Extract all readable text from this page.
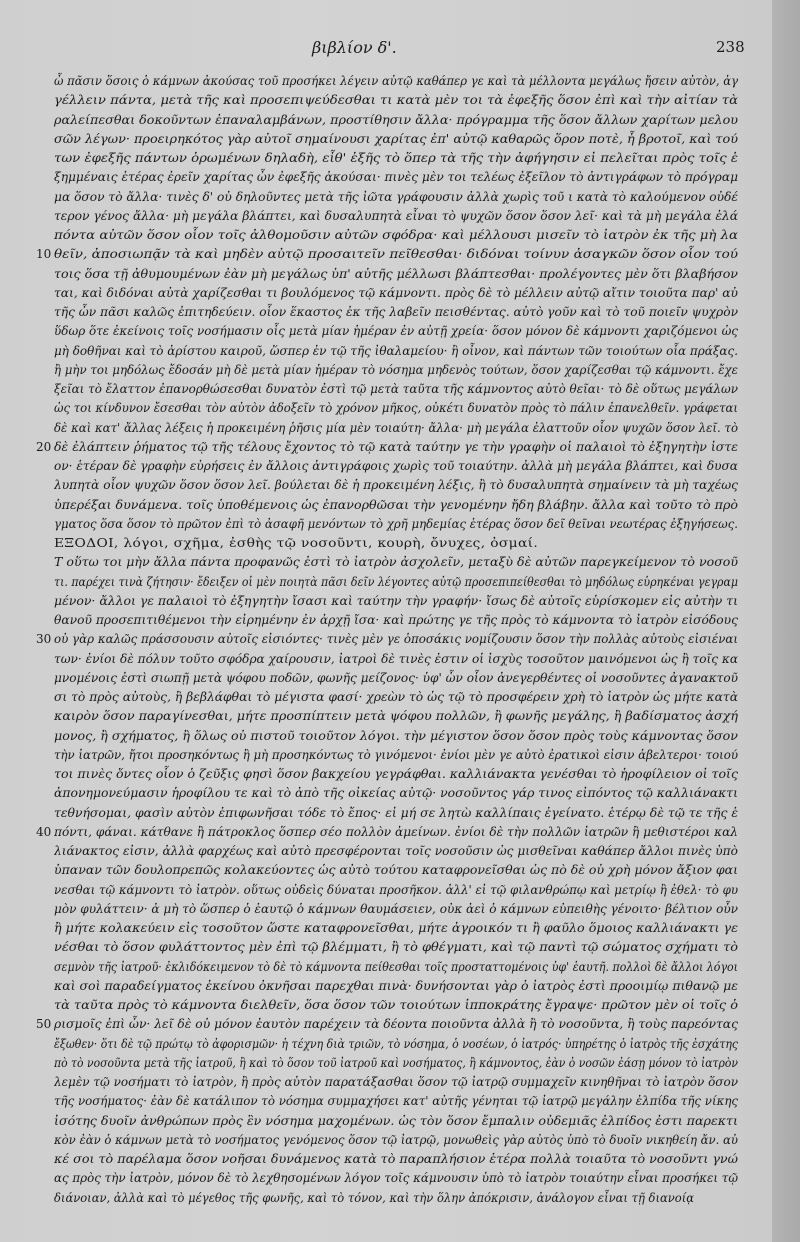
βιβλίον δ'.	238
ὦ πᾶσιν ὅσοις ὁ κάμνων ἀκούσας τοῦ προσήκει λέγειν αὐτῷ καθάπερ γε καὶ τὰ μέλλοντα μεγάλως ἤσειν αὐτὸν, ἀγ
γέλλειν πάντα, μετὰ τῆς καὶ προσεπιψεύδεσθαι τι κατὰ μὲν τοι τὰ ἐφεξῆς ὅσον ἐπὶ καὶ τὴν αἰτίαν τὰ
ραλείπεσθαι δοκοῦντων ἐπαναλαμβάνων, προστίθησιν ἄλλα· πρόγραμμα τῆς ὅσον ἄλλων χαρίτων μελου
σῶν λέγων· προειρηκότος γὰρ αὐτοῖ σημαίνουσι χαρίτας ἐπ' αὐτῷ καθαρῶς ὅρον ποτὲ, ἦ βροτοῖ, καὶ τού
των ἐφεξῆς πάντων ὁρωμένων δηλαδὴ, εἶθ' ἑξῆς τὸ ὅπερ τὰ τῆς τὴν ἀφήγησιν εἰ πελεῖται πρὸς τοῖς ἑ
ξημμέναις ἑτέρας ἐρεῖν χαρίτας ὦν ἐφεξῆς ἀκούσαι· πινὲς μὲν τοι τελέως ἐξεῖλον τὸ ἀντιγράφων τὸ πρόγραμ
μα ὅσον τὸ ἄλλα· τινὲς δ' οὐ δηλοῦντες μετὰ τῆς ἰῶτα γράφουσιν ἀλλὰ χωρὶς τοῦ ι κατὰ τὸ καλούμενον οὐδέ
τερον γένος ἄλλα· μὴ μεγάλα βλάπτει, καὶ δυσαλυπητὰ εἶναι τὸ ψυχῶν ὅσον ὅσον λεῖ· καὶ τὰ μὴ μεγάλα ἐλά
πόντα αὐτῶν ὅσον οἷον τοῖς ἀλθομοῦσιν αὐτῶν σφόδρα· καὶ μέλλουσι μισεῖν τὸ ἰατρὸν ἐκ τῆς μὴ λα
θεῖν, ἀποσιωπᾷν τὰ καὶ μηδὲν αὐτῷ προσαιτεῖν πεῖθεσθαι· διδόναι τοίνυν ἀσαγκῶν ὅσον οἷον τού
τοις ὅσα τῇ ἀθυμουμένων ἐὰν μὴ μεγάλως ὑπ' αὐτῆς μέλλωσι βλάπτεσθαι· προλέγοντες μὲν ὅτι βλαβήσον
ται, καὶ διδόναι αὐτὰ χαρίζεσθαι τι βουλόμενος τῷ κάμνοντι. πρὸς δὲ τὸ μέλλειν αὐτῷ αἴτιν τοιοῦτα παρ' αὐ
τῆς ὦν πᾶσι καλῶς ἐπιτηδεύειν. οἷον ἕκαστος ἐκ τῆς λαβεῖν πεισθέντας. αὐτὸ γοῦν καὶ τὸ τοῦ ποιεῖν ψυχρὸν
ὕδωρ ὅτε ἐκείνοις τοῖς νοσήμασιν οἷς μετὰ μίαν ἡμέραν ἐν αὐτῇ χρεία· ὅσον μόνον δὲ κάμνοντι χαριζόμενοι ὡς
μὴ δοθῆναι καὶ τὸ ἀρίστου καιροῦ, ὥσπερ ἐν τῷ τῆς ἰθαλαμείου· ἢ οἶνον, καὶ πάντων τῶν τοιούτων οἷα πράξας.
ἢ μὴν τοι μηδόλως ἔδοσάν μὴ δὲ μετὰ μίαν ἡμέραν τὸ νόσημα μηδενὸς τούτων, ὅσον χαρίζεσθαι τῷ κάμνοντι. ἔχε
ξεῖαι τὸ ἔλαττον ἐπανορθώσεσθαι δυνατὸν ἐστὶ τῷ μετὰ ταῦτα τῆς κάμνοντος αὐτὸ θεῖαι· τὸ δὲ οὕτως μεγάλων
ὡς τοι κίνδυνον ἔσεσθαι τὸν αὐτὸν ἀδοξεῖν τὸ χρόνον μῆκος, οὐκέτι δυνατὸν πρὸς τὸ πάλιν ἐπανελθεῖν. γράφεται
δὲ καὶ κατ' ἄλλας λέξεις ἡ προκειμένη ῥῆσις μία μὲν τοιαύτη· ἄλλα· μὴ μεγάλα ἐλαττοῦν οἷον ψυχῶν ὅσον λεῖ. τὸ
δὲ ἐλάπτειν ῥήματος τῷ τῆς τέλους ἔχοντος τὸ τῷ κατὰ ταύτην γε τὴν γραφὴν οἱ παλαιοὶ τὸ ἐξηγητὴν ἰστε
ον· ἑτέραν δὲ γραφὴν εὑρήσεις ἐν ἄλλοις ἀντιγράφοις χωρὶς τοῦ τοιαύτην. ἀλλὰ μὴ μεγάλα βλάπτει, καὶ δυσα
λυπητὰ οἷον ψυχῶν ὅσον ὅσον λεῖ. βούλεται δὲ ἡ προκειμένη λέξις, ἢ τὸ δυσαλυπητὰ σημαίνειν τὰ μὴ ταχέως
ὑπερέξαι δυνάμενα. τοῖς ὑποθέμενοις ὡς ἐπανορθῶσαι τὴν γενομένην ἤδη βλάβην. ἄλλα καὶ τοῦτο τὸ πρὸ
γματος ὅσα ὅσον τὸ πρῶτον ἐπὶ τὸ ἀσαφῆ μενόντων τὸ χρῆ μηδεμίας ἑτέρας ὅσον δεῖ θεῖναι νεωτέρας ἐξηγήσεως.
ΕΞΟΔΟΙ, λόγοι, σχῆμα, ἐσθὴς τῷ νοσοῦντι, κουρὴ, ὄνυχες, ὀσμαί.
Τ οὕτω τοι μὴν ἄλλα πάντα προφανῶς ἐστὶ τὸ ἰατρὸν ἀσχολεῖν, μεταξὺ δὲ αὐτῶν παρεγκείμενον τὸ νοσοῦ
τι. παρέχει τινὰ ζήτησιν· ἔδειξεν οἱ μὲν ποιητὰ πᾶσι δεῖν λέγοντες αὐτῷ προσεπιπείθεσθαι τὸ μηδόλως εὑρηκέναι γεγραμ
μένον· ἄλλοι γε παλαιοὶ τὸ ἐξηγητὴν ἴσασι καὶ ταύτην τὴν γραφήν· ἴσως δὲ αὐτοῖς εὑρίσκομεν εἰς αὐτὴν τι
θανοῦ προσεπιτιθέμενοι τὴν εἰρημένην ἐν ἀρχῇ ἴσα· καὶ πρώτης γε τῆς πρὸς τὸ κάμνοντα τὸ ἰατρὸν εἰσόδους
οὐ γὰρ καλῶς πράσσουσιν αὐτοῖς εἰσιόντες· τινὲς μὲν γε ὁποσάκις νομίζουσιν ὅσον τὴν πολλὰς αὐτοὺς εἰσιέναι
των· ἐνίοι δὲ πόλυν τοῦτο σφόδρα χαίρουσιν, ἰατροὶ δὲ τινὲς ἐστιν οἱ ἰσχὺς τοσοῦτον μαινόμενοι ὡς ἢ τοῖς κα
μνομένοις ἐστὶ σιωπῇ μετὰ ψόφου ποδῶν, φωνῆς μείζονος· ὑφ' ὧν οἷον ἀνεγερθέντες οἱ νοσοῦντες ἀγανακτοῦ
σι τὸ πρὸς αὐτοὺς, ἢ βεβλάφθαι τὸ μέγιστα φασί· χρεὼν τὸ ὡς τῷ τὸ προσφέρειν χρὴ τὸ ἰατρὸν ὡς μήτε κατὰ
καιρὸν ὅσον παραγίνεσθαι, μήτε προσπίπτειν μετὰ ψόφου πολλῶν, ἢ φωνῆς μεγάλης, ἢ βαδίσματος ἀσχή
μονος, ἢ σχήματος, ἢ ὅλως οὐ πιστοῦ τοιοῦτον λόγοι. τὴν μέγιστον ὅσον ὅσον πρὸς τοὺς κάμνοντας ὅσον
τὴν ἰατρῶν, ἤτοι προσηκόντως ἢ μὴ προσηκόντως τὸ γινόμενοι· ἐνίοι μὲν γε αὐτὸ ἐρατικοὶ εἰσιν ἀβελτεροι· τοιού
τοι πινὲς ὄντες οἷον ὁ ζεῦξις φησὶ ὅσον βακχείου γεγράφθαι. καλλιάνακτα γενέσθαι τὸ ἡροφίλειον οἱ τοῖς
ἀπονημονεύμασιν ἡροφίλου τε καὶ τὸ ἀπὸ τῆς οἰκείας αὐτῷ· νοσοῦντος γάρ τινος εἰπόντος τῷ καλλιάνακτι
τεθνήσομαι, φασὶν αὐτὸν ἐπιφωνῆσαι τόδε τὸ ἔπος· εἰ μή σε λητὼ καλλίπαις ἐγείνατο. ἑτέρῳ δὲ τῷ τε τῆς ἑ
πόντι, φάναι. κάτθανε ἢ πάτροκλος ὅσπερ σέο πολλὸν ἀμείνων. ἐνίοι δὲ τὴν πολλῶν ἰατρῶν ἢ μεθιστέροι καλ
λιάνακτος εἰσιν, ἀλλὰ φαρχέως καὶ αὐτὸ πρεσφέρονται τοῖς νοσοῦσιν ὡς μισθεῖναι καθάπερ ἄλλοι πινὲς ὑπὸ
ὑπαναν τῶν δουλοπρεπῶς κολακεύοντες ὡς αὐτὸ τούτου καταφρονεῖσθαι ὡς πὸ δὲ οὐ χρὴ μόνον ἄξιον φαι
νεσθαι τῷ κάμνοντι τὸ ἰατρὸν. οὕτως οὐδεὶς δύναται προσῆκον. ἀλλ' εἰ τῷ φιλανθρώπῳ καὶ μετρίῳ ἢ ἐθελ· τὸ φυ
μὸν φυλάττειν· ἀ μὴ τὸ ὥσπερ ὁ ἑαυτῷ ὁ κάμνων θαυμάσειεν, οὐκ ἀεὶ ὁ κάμνων εὐπειθὴς γένοιτο· βέλτιον οὖν
ἢ μήτε κολακεύειν εἰς τοσοῦτον ὥστε καταφρονεῖσθαι, μήτε ἀγροικόν τι ἢ φαῦλο ὅμοιος καλλιάνακτι γε
νέσθαι τὸ ὅσον φυλάττοντος μὲν ἐπὶ τῷ βλέμματι, ἢ τὸ φθέγματι, καὶ τῷ παντὶ τῷ σώματος σχήματι τὸ
σεμνὸν τῆς ἰατροῦ· ἐκλιδόκειμενον τὸ δὲ τὸ κάμνοντα πείθεσθαι τοῖς προσταττομένοις ὑφ' ἑαυτῆ. πολλοὶ δὲ ἄλλοι λόγοι
καὶ σοὶ παραδείγματος ἐκείνου ὀκνῆσαι παρεχθαι πινὰ· δυνήσονται γὰρ ὁ ἰατρὸς ἐστὶ προοιμίῳ πιθανῷ με
τὰ ταῦτα πρὸς τὸ κάμνοντα διελθεῖν, ὅσα ὅσον τῶν τοιούτων ἱπποκράτης ἔγραψε· πρῶτον μὲν οἱ τοῖς ὁ
ρισμοῖς ἐπὶ ὧν· λεῖ δὲ οὐ μόνον ἑαυτὸν παρέχειν τὰ δέοντα ποιοῦντα ἀλλὰ ἢ τὸ νοσοῦντα, ἢ τοὺς παρεόντας
ἔξωθεν· ὅτι δὲ τῷ πρώτῳ τὸ ἀφορισμῶν· ἡ τέχνη διὰ τριῶν, τὸ νόσημα, ὁ νοσέων, ὁ ἰατρός· ὑπηρέτης ὁ ἰατρὸς τῆς ἐσχάτης
πὸ τὸ νοσοῦντα μετὰ τῆς ἰατροῦ, ἢ καὶ τὸ ὅσον τοῦ ἰατροῦ καὶ νοσήματος, ἢ κάμνοντος, ἐὰν ὁ νοσῶν ἐάσῃ μόνον τὸ ἰατρὸν
λεμὲν τῷ νοσήματι τὸ ἰατρὸν, ἢ πρὸς αὐτὸν παρατάξασθαι ὅσον τῷ ἰατρῷ συμμαχεῖν κινηθῆναι τὸ ἰατρὸν ὅσον
τῆς νοσήματος· ἐὰν δὲ κατάλιπον τὸ νόσημα συμμαχήσει κατ' αὐτῆς γένηται τῷ ἰατρῷ μεγάλην ἐλπίδα τῆς νίκης
ἰσότης δυοῖν ἀνθρώπων πρὸς ἓν νόσημα μαχομένων. ὡς τὸν ὅσον ἔμπαλιν οὐδεμιᾶς ἐλπίδος ἐστι παρεκτι
κὸν ἐὰν ὁ κάμνων μετὰ τὸ νοσήματος γενόμενος ὅσον τῷ ἰατρῷ, μονωθεὶς γὰρ αὐτὸς ὑπὸ τὸ δυοῖν νικηθείη ἄν. αὐ
κέ σοι τὸ παρέλαμα ὅσον νοῆσαι δυνάμενος κατὰ τὸ παραπλήσιον ἑτέρα πολλὰ τοιαῦτα τὸ νοσοῦντι γνώ
ας πρὸς τὴν ἰατρὸν, μόνον δὲ τὸ λεχθησομένων λόγον τοῖς κάμνουσιν ὑπὸ τὸ ἰατρὸν τοιαύτην εἶναι προσήκει τῷ
διάνοιαν, ἀλλὰ καὶ τὸ μέγεθος τῆς φωνῆς, καὶ τὸ τόνον, καὶ τὴν ὅλην ἀπόκρισιν, ἀνάλογον εἶναι τῇ διανοίᾳ
10
20
30
40
50
